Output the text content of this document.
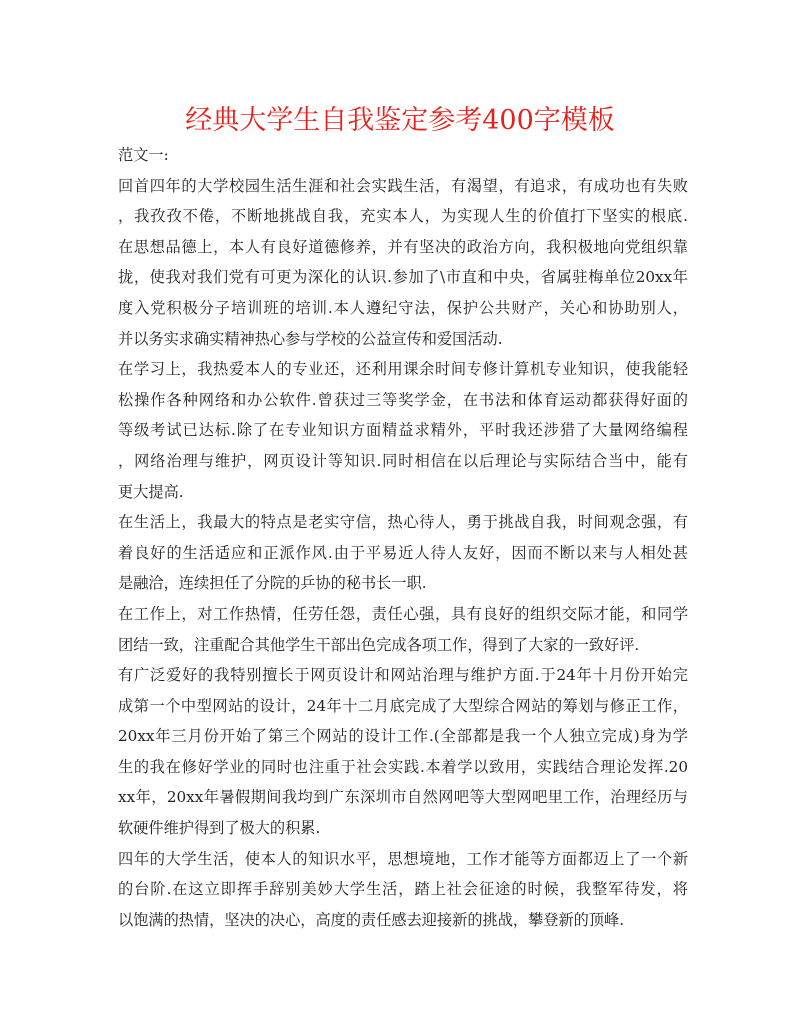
经典大学生自我鉴定参考400字模板
范文一:
回首四年的大学校园生活生涯和社会实践生活，有渴望，有追求，有成功也有失败
，我孜孜不倦，不断地挑战自我，充实本人，为实现人生的价值打下坚实的根底.
在思想品德上，本人有良好道德修养，并有坚决的政治方向，我积极地向党组织靠
拢，使我对我们党有可更为深化的认识.参加了\市直和中央，省属驻梅单位20xx年
度入党积极分子培训班的培训.本人遵纪守法，保护公共财产，关心和协助别人，
并以务实求确实精神热心参与学校的公益宣传和爱国活动.
在学习上，我热爱本人的专业还，还利用课余时间专修计算机专业知识，使我能轻
松操作各种网络和办公软件.曾获过三等奖学金，在书法和体育运动都获得好面的
等级考试已达标.除了在专业知识方面精益求精外，平时我还涉猎了大量网络编程
，网络治理与维护，网页设计等知识.同时相信在以后理论与实际结合当中，能有
更大提高.
在生活上，我最大的特点是老实守信，热心待人，勇于挑战自我，时间观念强，有
着良好的生活适应和正派作风.由于平易近人待人友好，因而不断以来与人相处甚
是融洽，连续担任了分院的乒协的秘书长一职.
在工作上，对工作热情，任劳任怨，责任心强，具有良好的组织交际才能，和同学
团结一致，注重配合其他学生干部出色完成各项工作，得到了大家的一致好评.
有广泛爱好的我特别擅长于网页设计和网站治理与维护方面.于24年十月份开始完
成第一个中型网站的设计，24年十二月底完成了大型综合网站的筹划与修正工作，
20xx年三月份开始了第三个网站的设计工作.(全部都是我一个人独立完成)身为学
生的我在修好学业的同时也注重于社会实践.本着学以致用，实践结合理论发挥.20
xx年，20xx年暑假期间我均到广东深圳市自然网吧等大型网吧里工作，治理经历与
软硬件维护得到了极大的积累.
四年的大学生活，使本人的知识水平，思想境地，工作才能等方面都迈上了一个新
的台阶.在这立即挥手辞别美妙大学生活，踏上社会征途的时候，我整军待发，将
以饱满的热情，坚决的决心，高度的责任感去迎接新的挑战，攀登新的顶峰.
